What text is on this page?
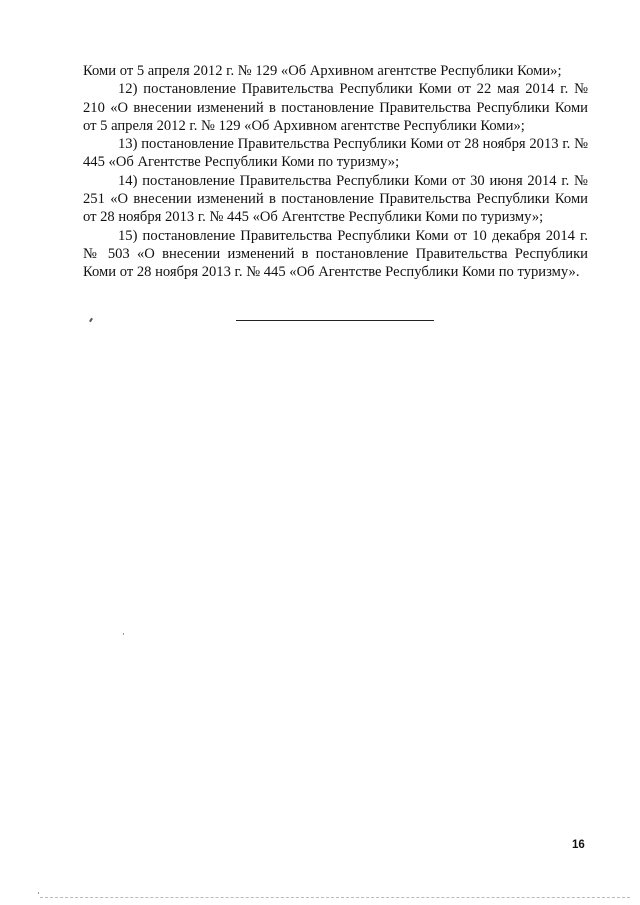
Коми от 5 апреля 2012 г. № 129 «Об Архивном агентстве Республики Коми»;

12) постановление Правительства Республики Коми от 22 мая 2014 г. № 210 «О внесении изменений в постановление Правительства Республики Коми от 5 апреля 2012 г. № 129 «Об Архивном агентстве Республики Коми»;

13) постановление Правительства Республики Коми от 28 ноября 2013 г. № 445 «Об Агентстве Республики Коми по туризму»;

14) постановление Правительства Республики Коми от 30 июня 2014 г. № 251 «О внесении изменений в постановление Правительства Республики Коми от 28 ноября 2013 г. № 445 «Об Агентстве Республики Коми по туризму»;

15) постановление Правительства Республики Коми от 10 декабря 2014 г. № 503 «О внесении изменений в постановление Правительства Республики Коми от 28 ноября 2013 г. № 445 «Об Агентстве Республики Коми по туризму».

16
